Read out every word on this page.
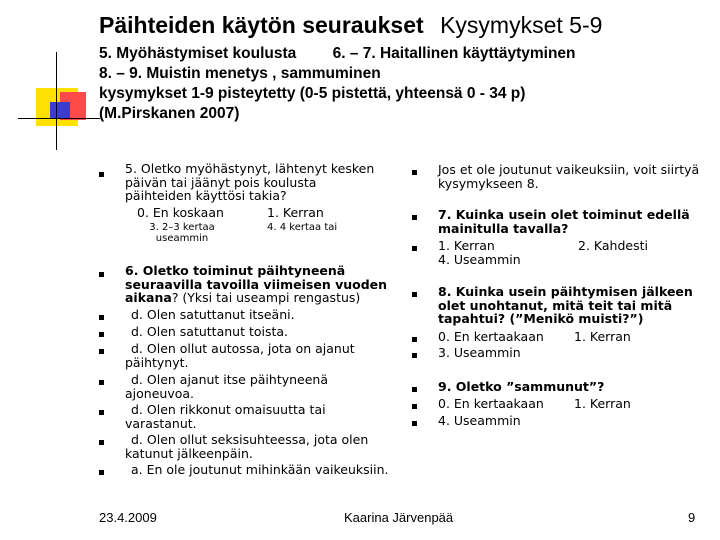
Päihteiden käytön seuraukset Kysymykset 5-9
5. Myöhästymiset koulusta 6. – 7. Haitallinen käyttäytyminen
8. – 9. Muistin menetys , sammuminen
kysymykset 1-9 pisteytetty (0-5 pistettä, yhteensä 0 - 34 p)
(M.Pirskanen 2007)
5. Oletko myöhästynyt, lähtenyt kesken päivän tai jäänyt pois koulusta päihteiden käyttösi takia?
0. En koskaan	1. Kerran
3. 2–3 kertaa useammin
4. 4 kertaa tai
6. Oletko toiminut päihtyneenä seuraavilla tavoilla viimeisen vuoden aikana? (Yksi tai useampi rengastus)
d. Olen satuttanut itseäni.
d. Olen satuttanut toista.
d. Olen ollut autossa, jota on ajanut päihtynyt.
d. Olen ajanut itse päihtyneenä ajoneuvoa.
d. Olen rikkonut omaisuutta tai varastanut.
d. Olen ollut seksisuhteessa, jota olen katunut jälkeenpäin.
a. En ole joutunut mihinkään vaikeuksiin.
Jos et ole joutunut vaikeuksiin, voit siirtyä kysymykseen 8.
7. Kuinka usein olet toiminut edellä mainitulla tavalla?
1. Kerran	2. Kahdesti
4. Useammin
8. Kuinka usein päihtymisen jälkeen olet unohtanut, mitä teit tai mitä tapahtui? (”Menikö muisti?”)
0. En kertaakaan 1. Kerran
3. Useammin
9. Oletko ”sammunut”?
0. En kertaakaan 1. Kerran
4. Useammin
23.4.2009	Kaarina Järvenpää	9
